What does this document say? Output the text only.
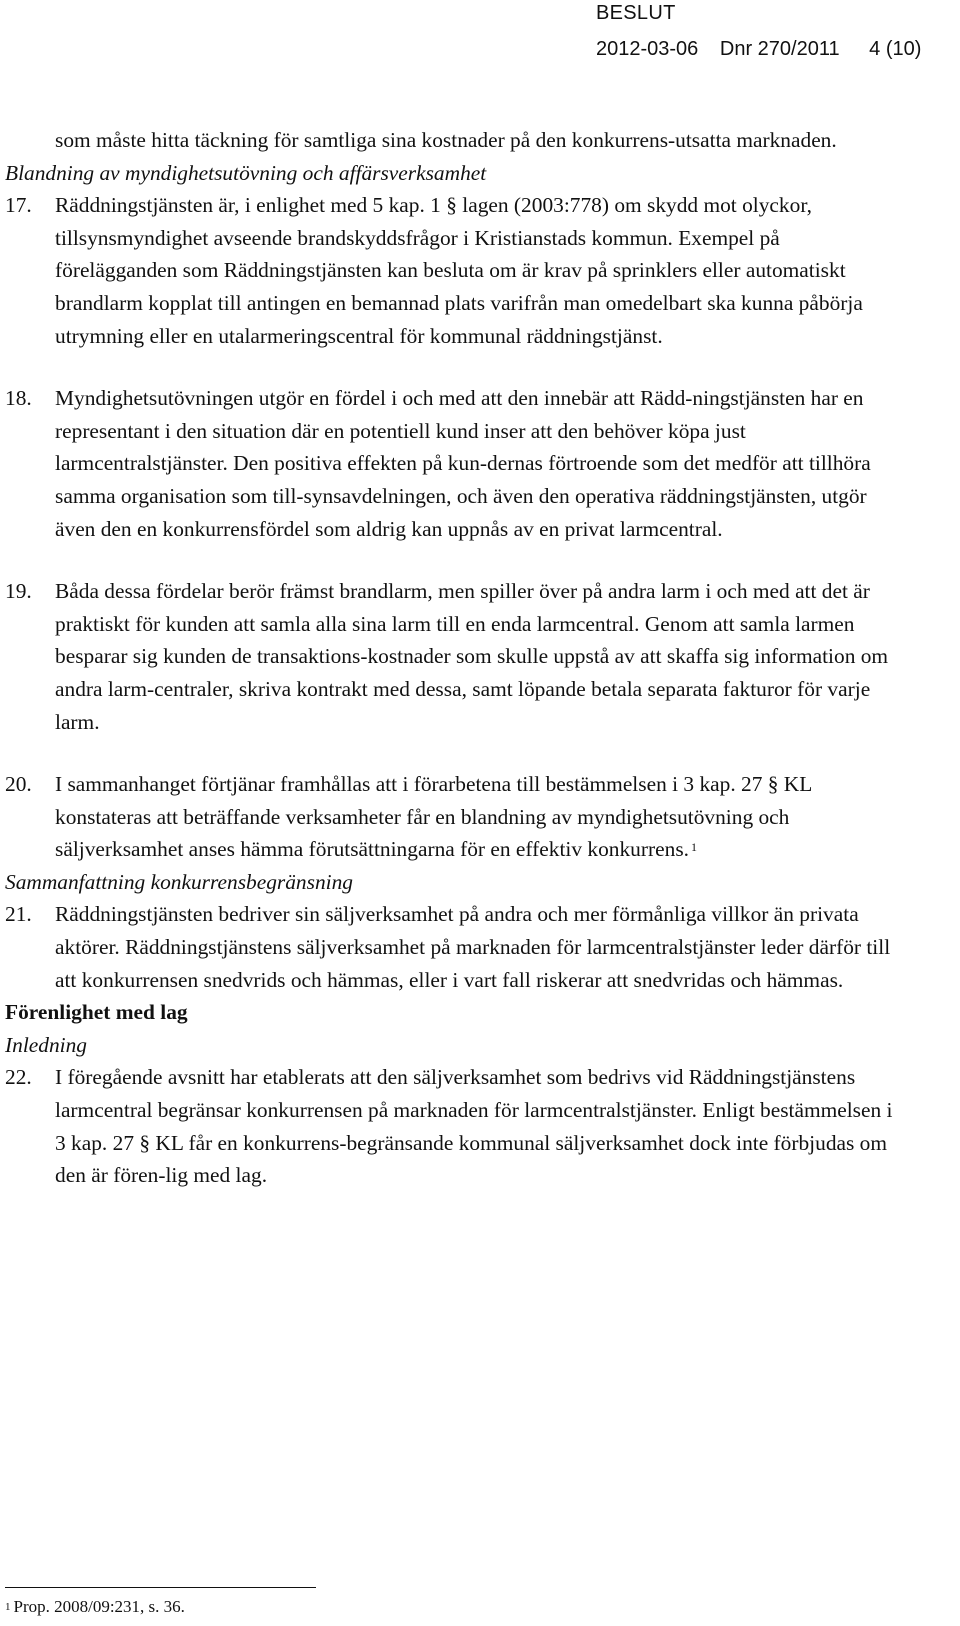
BESLUT
2012-03-06 Dnr 270/2011 4 (10)

som måste hitta täckning för samtliga sina kostnader på den konkurrens-utsatta marknaden.

Blandning av myndighetsutövning och affärsverksamhet

17. Räddningstjänsten är, i enlighet med 5 kap. 1 § lagen (2003:778) om skydd mot olyckor, tillsynsmyndighet avseende brandskyddsfrågor i Kristianstads kommun. Exempel på förelägganden som Räddningstjänsten kan besluta om är krav på sprinklers eller automatiskt brandlarm kopplat till antingen en bemannad plats varifrån man omedelbart ska kunna påbörja utrymning eller en utalarmeringscentral för kommunal räddningstjänst.

18. Myndighetsutövningen utgör en fördel i och med att den innebär att Rädd-ningstjänsten har en representant i den situation där en potentiell kund inser att den behöver köpa just larmcentralstjänster. Den positiva effekten på kun-dernas förtroende som det medför att tillhöra samma organisation som till-synsavdelningen, och även den operativa räddningstjänsten, utgör även den en konkurrensfördel som aldrig kan uppnås av en privat larmcentral.

19. Båda dessa fördelar berör främst brandlarm, men spiller över på andra larm i och med att det är praktiskt för kunden att samla alla sina larm till en enda larmcentral. Genom att samla larmen besparar sig kunden de transaktions-kostnader som skulle uppstå av att skaffa sig information om andra larm-centraler, skriva kontrakt med dessa, samt löpande betala separata fakturor för varje larm.

20. I sammanhanget förtjänar framhållas att i förarbetena till bestämmelsen i 3 kap. 27 § KL konstateras att beträffande verksamheter får en blandning av myndighetsutövning och säljverksamhet anses hämma förutsättningarna för en effektiv konkurrens. $^1$

Sammanfattning konkurrensbegränsning

21. Räddningstjänsten bedriver sin säljverksamhet på andra och mer förmånliga villkor än privata aktörer. Räddningstjänstens säljverksamhet på marknaden för larmcentralstjänster leder därför till att konkurrensen snedvrids och hämmas, eller i vart fall riskerar att snedvridas och hämmas.

Förenlighet med lag

Inledning

22. I föregående avsnitt har etablerats att den säljverksamhet som bedrivs vid Räddningstjänstens larmcentral begränsar konkurrensen på marknaden för larmcentralstjänster. Enligt bestämmelsen i 3 kap. 27 § KL får en konkurrens-begränsande kommunal säljverksamhet dock inte förbjudas om den är fören-lig med lag.

$^1$ Prop. 2008/09:231, s. 36.
